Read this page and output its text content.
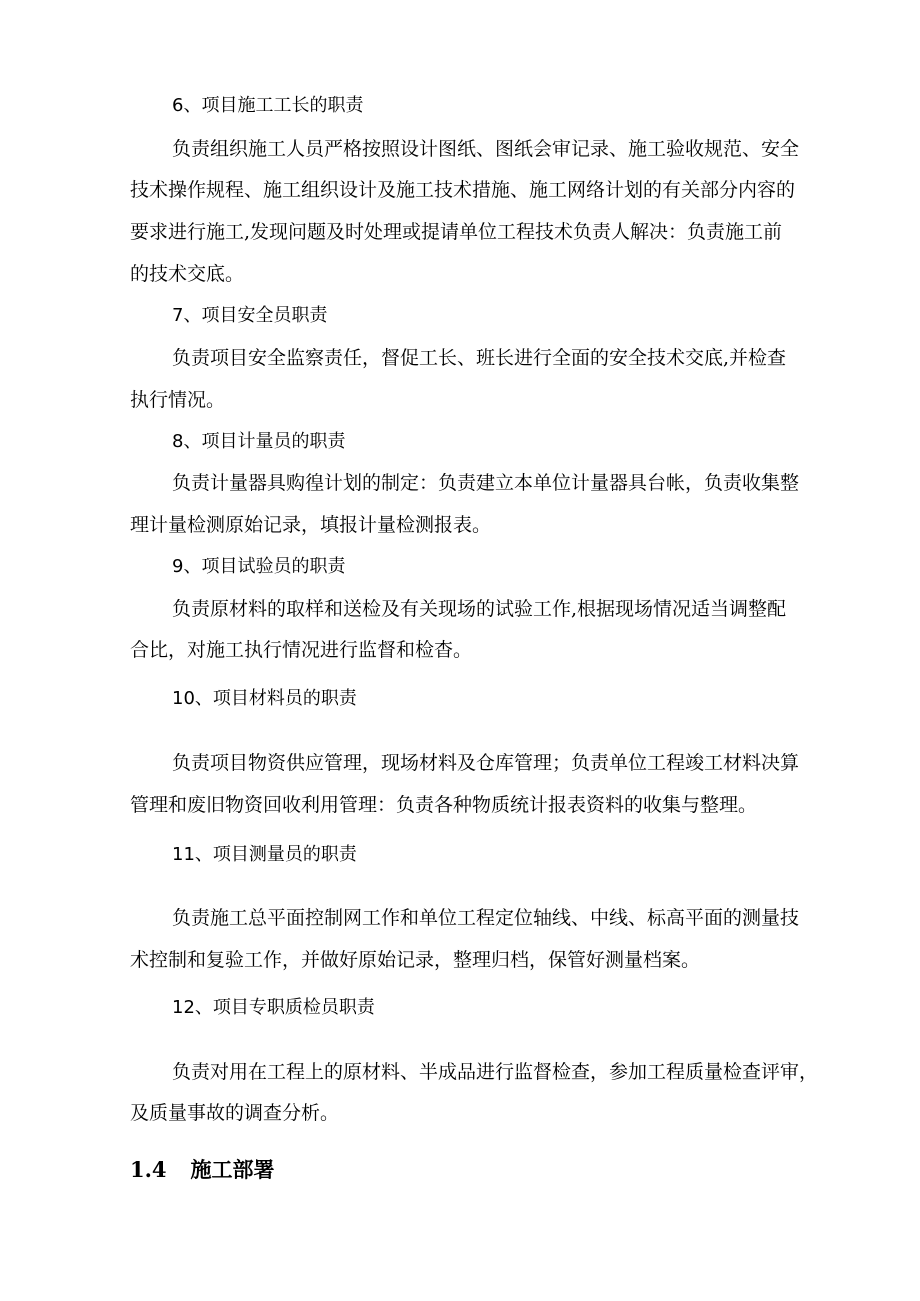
6、项目施工工长的职责
负责组织施工人员严格按照设计图纸、图纸会审记录、施工验收规范、安全
技术操作规程、施工组织设计及施工技术措施、施工网络计划的有关部分内容的
要求进行施工,发现问题及时处理或提请单位工程技术负责人解决：负责施工前
的技术交底。
7、项目安全员职责
负责项目安全监察责任，督促工长、班长进行全面的安全技术交底,并检查
执行情况。
8、项目计量员的职责
负责计量器具购徨计划的制定：负责建立本单位计量器具台帐，负责收集整
理计量检测原始记录，填报计量检测报表。
9、项目试验员的职责
负责原材料的取样和送检及有关现场的试验工作,根据现场情况适当调整配
合比，对施工执行情况进行监督和检杳。
10、项目材料员的职责
负责项目物资供应管理，现场材料及仓库管理；负责单位工程竣工材料决算
管理和废旧物资回收利用管理：负责各种物质统计报表资料的收集与整理。
11、项目测量员的职责
负责施工总平面控制网工作和单位工程定位轴线、中线、标高平面的测量技
术控制和复验工作，并做好原始记录，整理归档，保管好测量档案。
12、项目专职质检员职责
负责对用在工程上的原材料、半成品进行监督检查，参加工程质量检查评审，
及质量事故的调查分析。
1.4 施工部署
